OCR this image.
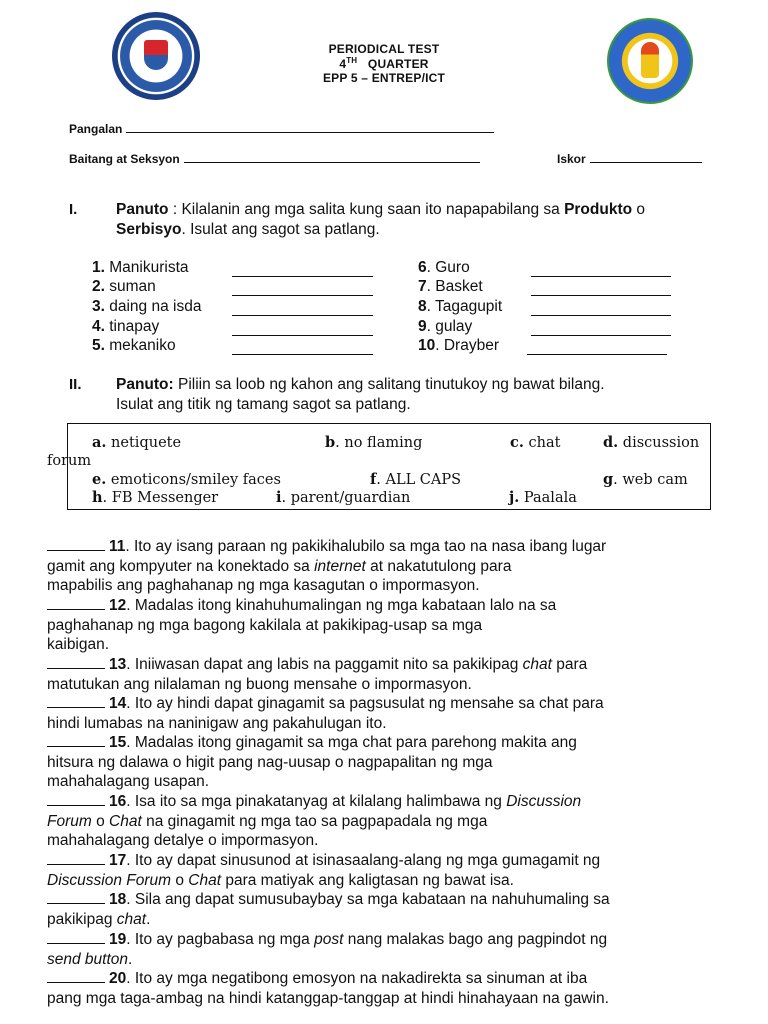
PERIODICAL TEST
4TH QUARTER
EPP 5 – ENTREP/ICT
Pangalan
Baitang at Seksyon	Iskor
I. Panuto : Kilalanin ang mga salita kung saan ito napapabilang sa Produkto o
Serbisyo. Isulat ang sagot sa patlang.
1. Manikurista
2. suman
3. daing na isda
4. tinapay
5. mekaniko
6. Guro
7. Basket
8. Tagagupit
9. gulay
10. Drayber
II. Panuto: Piliin sa loob ng kahon ang salitang tinutukoy ng bawat bilang.
Isulat ang titik ng tamang sagot sa patlang.
a. netiquete	b. no flaming	c. chat	d. discussion
forum
e. emoticons/smiley faces	f. ALL CAPS	g. web cam
h. FB Messenger	i. parent/guardian	j. Paalala
11. Ito ay isang paraan ng pakikihalubilo sa mga tao na nasa ibang lugar
gamit ang kompyuter na konektado sa internet at nakatutulong para
mapabilis ang paghahanap ng mga kasagutan o impormasyon.
12. Madalas itong kinahuhumalingan ng mga kabataan lalo na sa
paghahanap ng mga bagong kakilala at pakikipag-usap sa mga
kaibigan.
13. Iniiwasan dapat ang labis na paggamit nito sa pakikipag chat para
matutukan ang nilalaman ng buong mensahe o impormasyon.
14. Ito ay hindi dapat ginagamit sa pagsusulat ng mensahe sa chat para
hindi lumabas na naninigaw ang pakahulugan ito.
15. Madalas itong ginagamit sa mga chat para parehong makita ang
hitsura ng dalawa o higit pang nag-uusap o nagpapalitan ng mga
mahahalagang usapan.
16. Isa ito sa mga pinakatanyag at kilalang halimbawa ng Discussion
Forum o Chat na ginagamit ng mga tao sa pagpapadala ng mga
mahahalagang detalye o impormasyon.
17. Ito ay dapat sinusunod at isinasaalang-alang ng mga gumagamit ng
Discussion Forum o Chat para matiyak ang kaligtasan ng bawat isa.
18. Sila ang dapat sumusubaybay sa mga kabataan na nahuhumaling sa
pakikipag chat.
19. Ito ay pagbabasa ng mga post nang malakas bago ang pagpindot ng
send button.
20. Ito ay mga negatibong emosyon na nakadirekta sa sinuman at iba
pang mga taga-ambag na hindi katanggap-tanggap at hindi hinahayaan na gawin.
